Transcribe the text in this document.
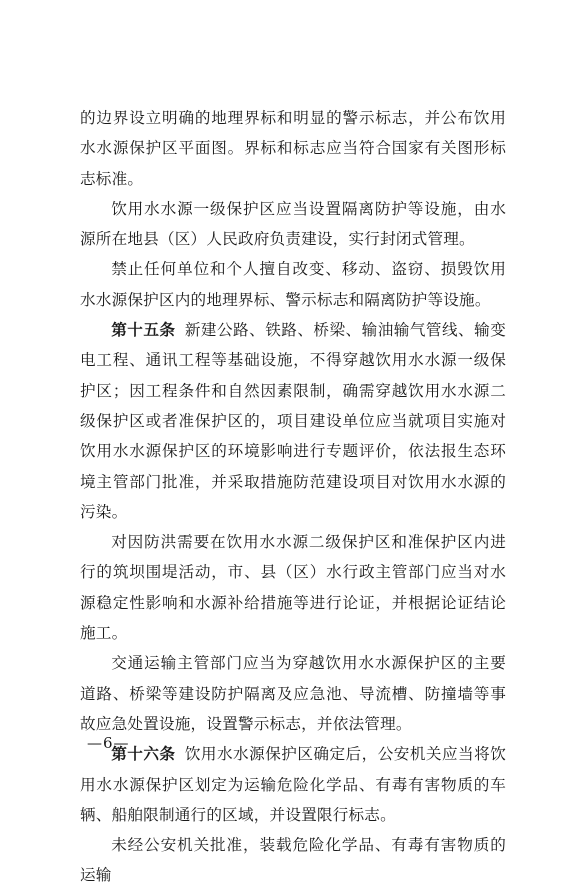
的边界设立明确的地理界标和明显的警示标志，并公布饮用水水源保护区平面图。界标和标志应当符合国家有关图形标志标准。

饮用水水源一级保护区应当设置隔离防护等设施，由水源所在地县（区）人民政府负责建设，实行封闭式管理。

禁止任何单位和个人擅自改变、移动、盗窃、损毁饮用水水源保护区内的地理界标、警示标志和隔离防护等设施。

第十五条 新建公路、铁路、桥梁、输油输气管线、输变电工程、通讯工程等基础设施，不得穿越饮用水水源一级保护区；因工程条件和自然因素限制，确需穿越饮用水水源二级保护区或者准保护区的，项目建设单位应当就项目实施对饮用水水源保护区的环境影响进行专题评价，依法报生态环境主管部门批准，并采取措施防范建设项目对饮用水水源的污染。

对因防洪需要在饮用水水源二级保护区和准保护区内进行的筑坝围堤活动，市、县（区）水行政主管部门应当对水源稳定性影响和水源补给措施等进行论证，并根据论证结论施工。

交通运输主管部门应当为穿越饮用水水源保护区的主要道路、桥梁等建设防护隔离及应急池、导流槽、防撞墙等事故应急处置设施，设置警示标志，并依法管理。

第十六条 饮用水水源保护区确定后，公安机关应当将饮用水水源保护区划定为运输危险化学品、有毒有害物质的车辆、船舶限制通行的区域，并设置限行标志。

未经公安机关批准，装载危险化学品、有毒有害物质的运输

—6—
